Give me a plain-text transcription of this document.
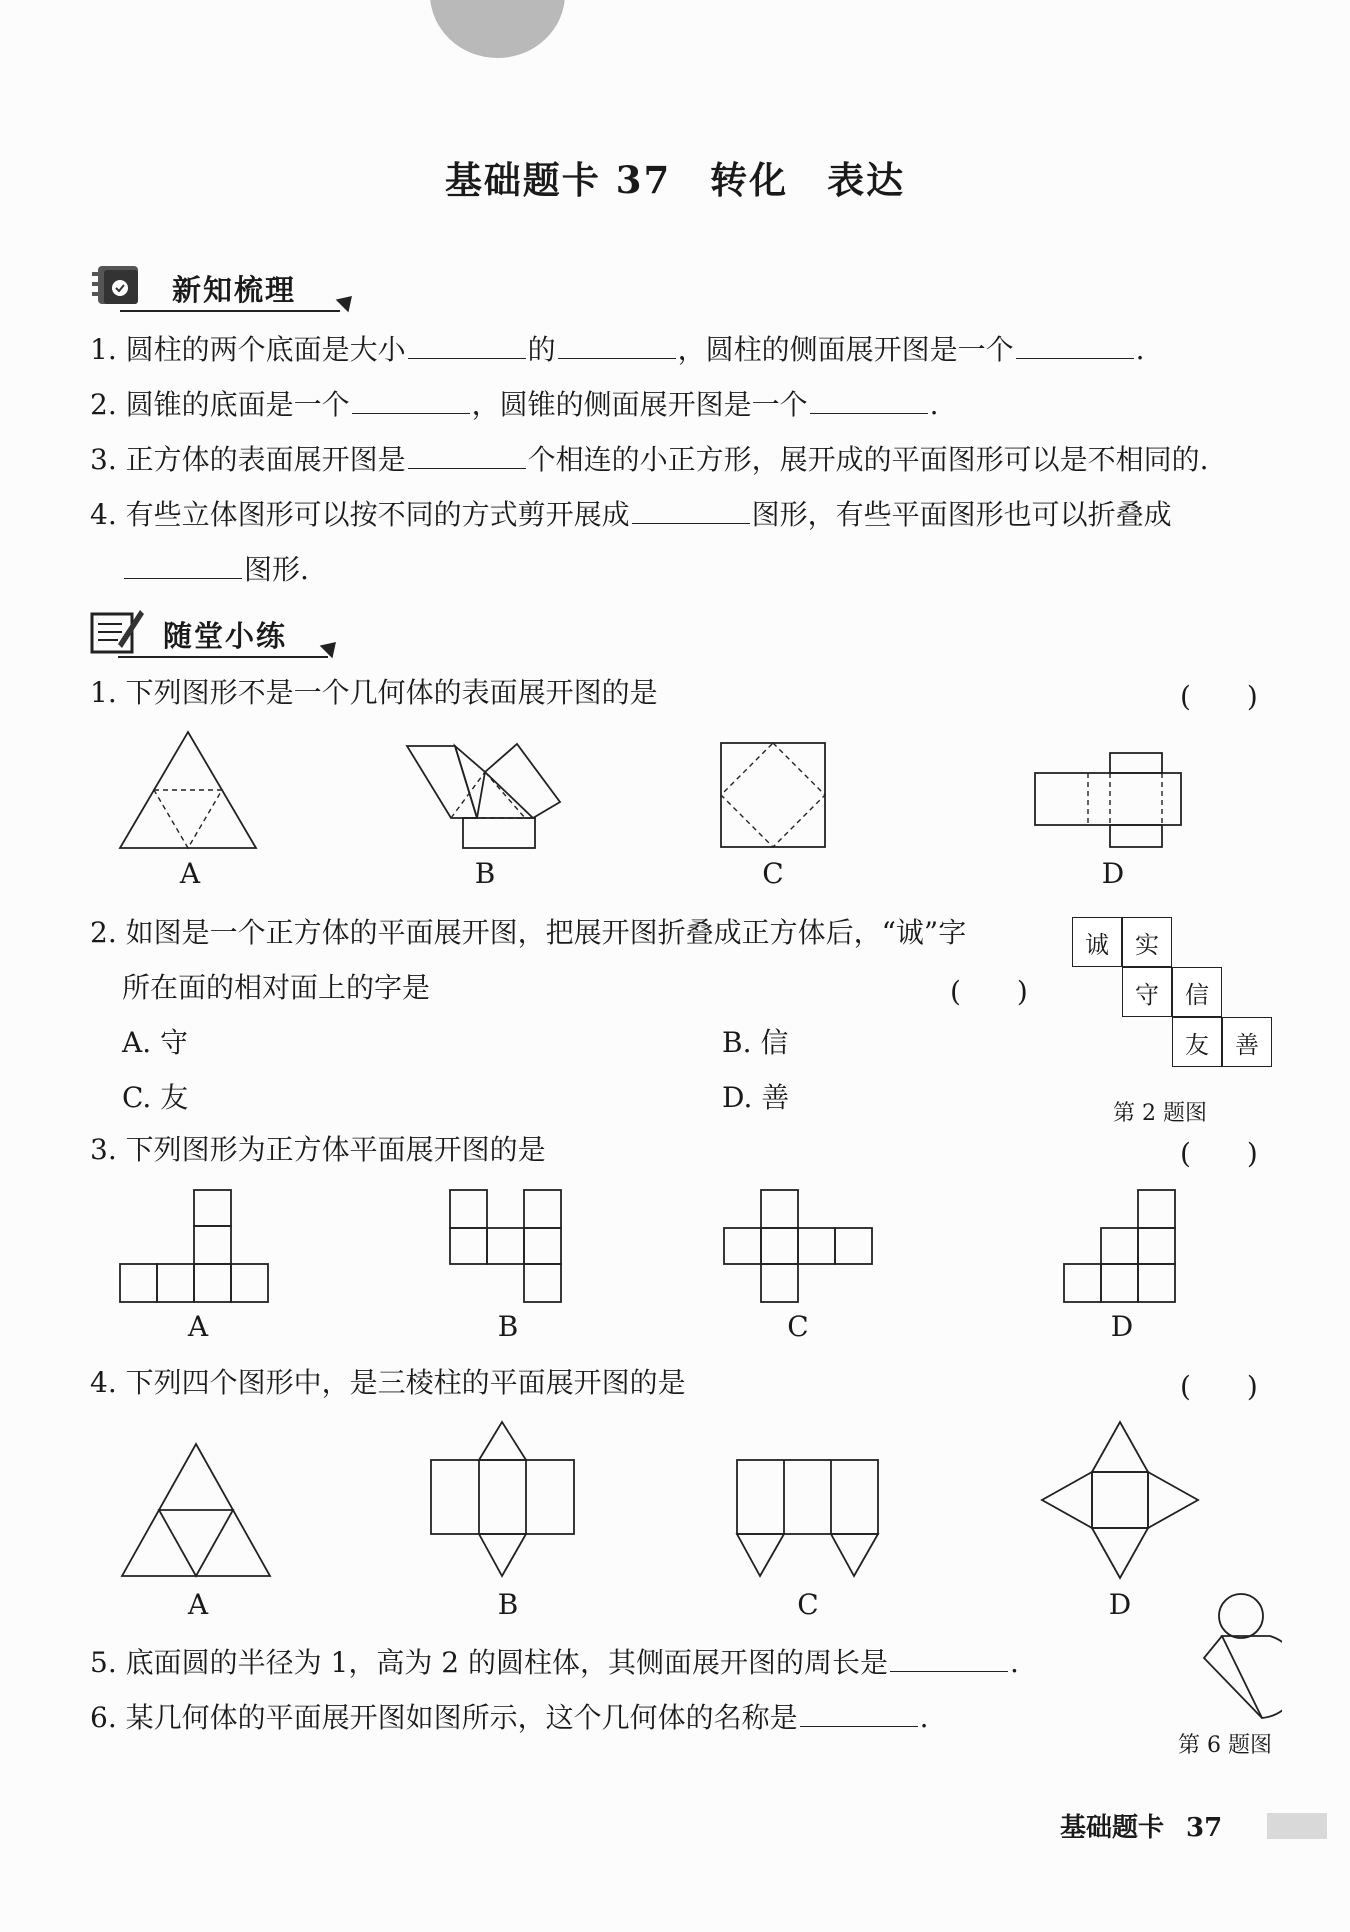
基础题卡 37　转化　表达
新知梳理
1. 圆柱的两个底面是大小	的	，圆柱的侧面展开图是一个	.
2. 圆锥的底面是一个	，圆锥的侧面展开图是一个	.
3. 正方体的表面展开图是	个相连的小正方形，展开成的平面图形可以是不相同的.
4. 有些立体图形可以按不同的方式剪开展成	图形，有些平面图形也可以折叠成
图形.
随堂小练
1. 下列图形不是一个几何体的表面展开图的是	(　　)
A	B	C	D
2. 如图是一个正方体的平面展开图，把展开图折叠成正方体后，“诚”字
所在面的相对面上的字是	(　　)
A. 守	B. 信
C. 友	D. 善
诚	实
守	信
友	善
第 2 题图
3. 下列图形为正方体平面展开图的是	(　　)
A	B	C	D
4. 下列四个图形中，是三棱柱的平面展开图的是	(　　)
A	B	C	D
5. 底面圆的半径为 1，高为 2 的圆柱体，其侧面展开图的周长是	.
6. 某几何体的平面展开图如图所示，这个几何体的名称是	.
第 6 题图
基础题卡 37
